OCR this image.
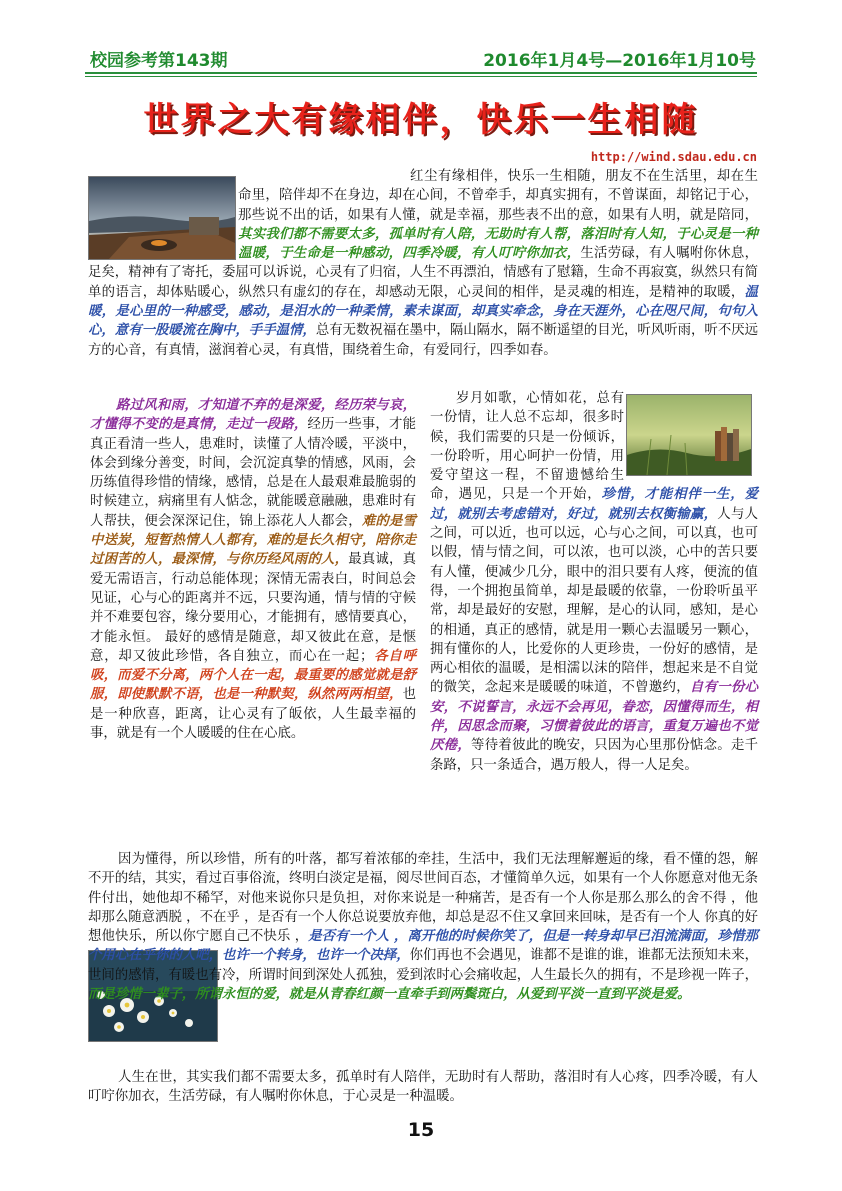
校园参考第143期	2016年1月4号—2016年1月10号
世界之大有缘相伴，快乐一生相随
http://wind.sdau.edu.cn

红尘有缘相伴，快乐一生相随，朋友不在生活里，却在生命里，陪伴却不在身边，却在心间，不曾牵手，却真实拥有，不曾谋面，却铭记于心，那些说不出的话，如果有人懂，就是幸福，那些表不出的意，如果有人明，就是陪同，其实我们都不需要太多，孤单时有人陪，无助时有人帮，落泪时有人知，于心灵是一种温暖，于生命是一种感动，四季冷暖，有人叮咛你加衣，生活劳碌，有人嘱咐你休息，足矣，精神有了寄托，委屈可以诉说，心灵有了归宿，人生不再漂泊，情感有了慰籍，生命不再寂寞，纵然只有简单的语言，却体贴暖心，纵然只有虚幻的存在，却感动无限，心灵间的相伴，是灵魂的相连，是精神的取暖，温暖，是心里的一种感受，感动，是泪水的一种柔情，素未谋面，却真实牵念，身在天涯外，心在咫尺间，句句入心，意有一股暖流在胸中，手手温情，总有无数祝福在墨中，隔山隔水，隔不断遥望的目光，听风听雨，听不厌远方的心音，有真情，滋润着心灵，有真惜，围绕着生命，有爱同行，四季如春。

路过风和雨，才知道不弃的是深爱，经历荣与哀，才懂得不变的是真情，走过一段路，经历一些事，才能真正看清一些人，患难时，读懂了人情冷暖，平淡中，体会到缘分善变，时间，会沉淀真挚的情感，风雨，会历练值得珍惜的情缘，感情，总是在人最艰难最脆弱的时候建立，病痛里有人惦念，就能暖意融融，患难时有人帮扶，便会深深记住，锦上添花人人都会，难的是雪中送炭，短暂热情人人都有，难的是长久相守，陪你走过困苦的人，最深情，与你历经风雨的人，最真诚，真爱无需语言，行动总能体现；深情无需表白，时间总会见证，心与心的距离并不远，只要沟通，情与情的守候并不难要包容，缘分要用心，才能拥有，感情要真心，才能永恒。 最好的感情是随意，却又彼此在意，是惬意，却又彼此珍惜，各自独立，而心在一起；各自呼吸，而爱不分离，两个人在一起，最重要的感觉就是舒服，即使默默不语，也是一种默契，纵然两两相望，也是一种欣喜，距离，让心灵有了皈依，人生最幸福的事，就是有一个人暖暖的住在心底。

岁月如歌，心情如花，总有一份情，让人总不忘却，很多时候，我们需要的只是一份倾诉，一份聆听，用心呵护一份情，用爱守望这一程，不留遗憾给生命，遇见，只是一个开始，珍惜，才能相伴一生，爱过，就别去考虑错对，好过，就别去权衡输赢，人与人之间，可以近，也可以远，心与心之间，可以真，也可以假，情与情之间，可以浓，也可以淡，心中的苦只要有人懂，便减少几分，眼中的泪只要有人疼，便流的值得，一个拥抱虽简单，却是最暖的依靠，一份聆听虽平常，却是最好的安慰，理解，是心的认同，感知，是心的相通，真正的感情，就是用一颗心去温暖另一颗心，拥有懂你的人，比爱你的人更珍贵，一份好的感情，是两心相依的温暖，是相濡以沫的陪伴，想起来是不自觉的微笑，念起来是暖暖的味道，不曾邀约，自有一份心安，不说誓言，永远不会再见，眷恋，因懂得而生，相伴，因思念而聚，习惯着彼此的语言，重复万遍也不觉厌倦，等待着彼此的晚安，只因为心里那份惦念。走千条路，只一条适合，遇万般人，得一人足矣。

因为懂得，所以珍惜，所有的叶落，都写着浓郁的牵挂，生活中，我们无法理解邂逅的缘，看不懂的怨，解不开的结，其实，看过百事俗流，终明白淡定是福，阅尽世间百态，才懂简单久远，如果有一个人你愿意对他无条件付出，她他却不稀罕，对他来说你只是负担，对你来说是一种痛苦，是否有一个人你是那么那么的舍不得 ，他却那么随意洒脱 ，不在乎 ，是否有一个人你总说要放弃他，却总是忍不住又拿回来回味，是否有一个人 你真的好想他快乐，所以你宁愿自己不快乐 ，是否有一个人 ，离开他的时候你笑了，但是一转身却早已泪流满面，珍惜那个用心在乎你的人吧，也许一个转身，也许一个决择，你们再也不会遇见，谁都不是谁的谁，谁都无法预知未来，世间的感情，有暖也有冷，所谓时间到深处人孤独，爱到浓时心会痛收起，人生最长久的拥有，不是珍视一阵子，而是珍惜一辈子，所谓永恒的爱，就是从青春红颜一直牵手到两鬓斑白，从爱到平淡一直到平淡是爱。

人生在世，其实我们都不需要太多，孤单时有人陪伴，无助时有人帮助，落泪时有人心疼，四季冷暖，有人叮咛你加衣，生活劳碌，有人嘱咐你休息，于心灵是一种温暖。

15
